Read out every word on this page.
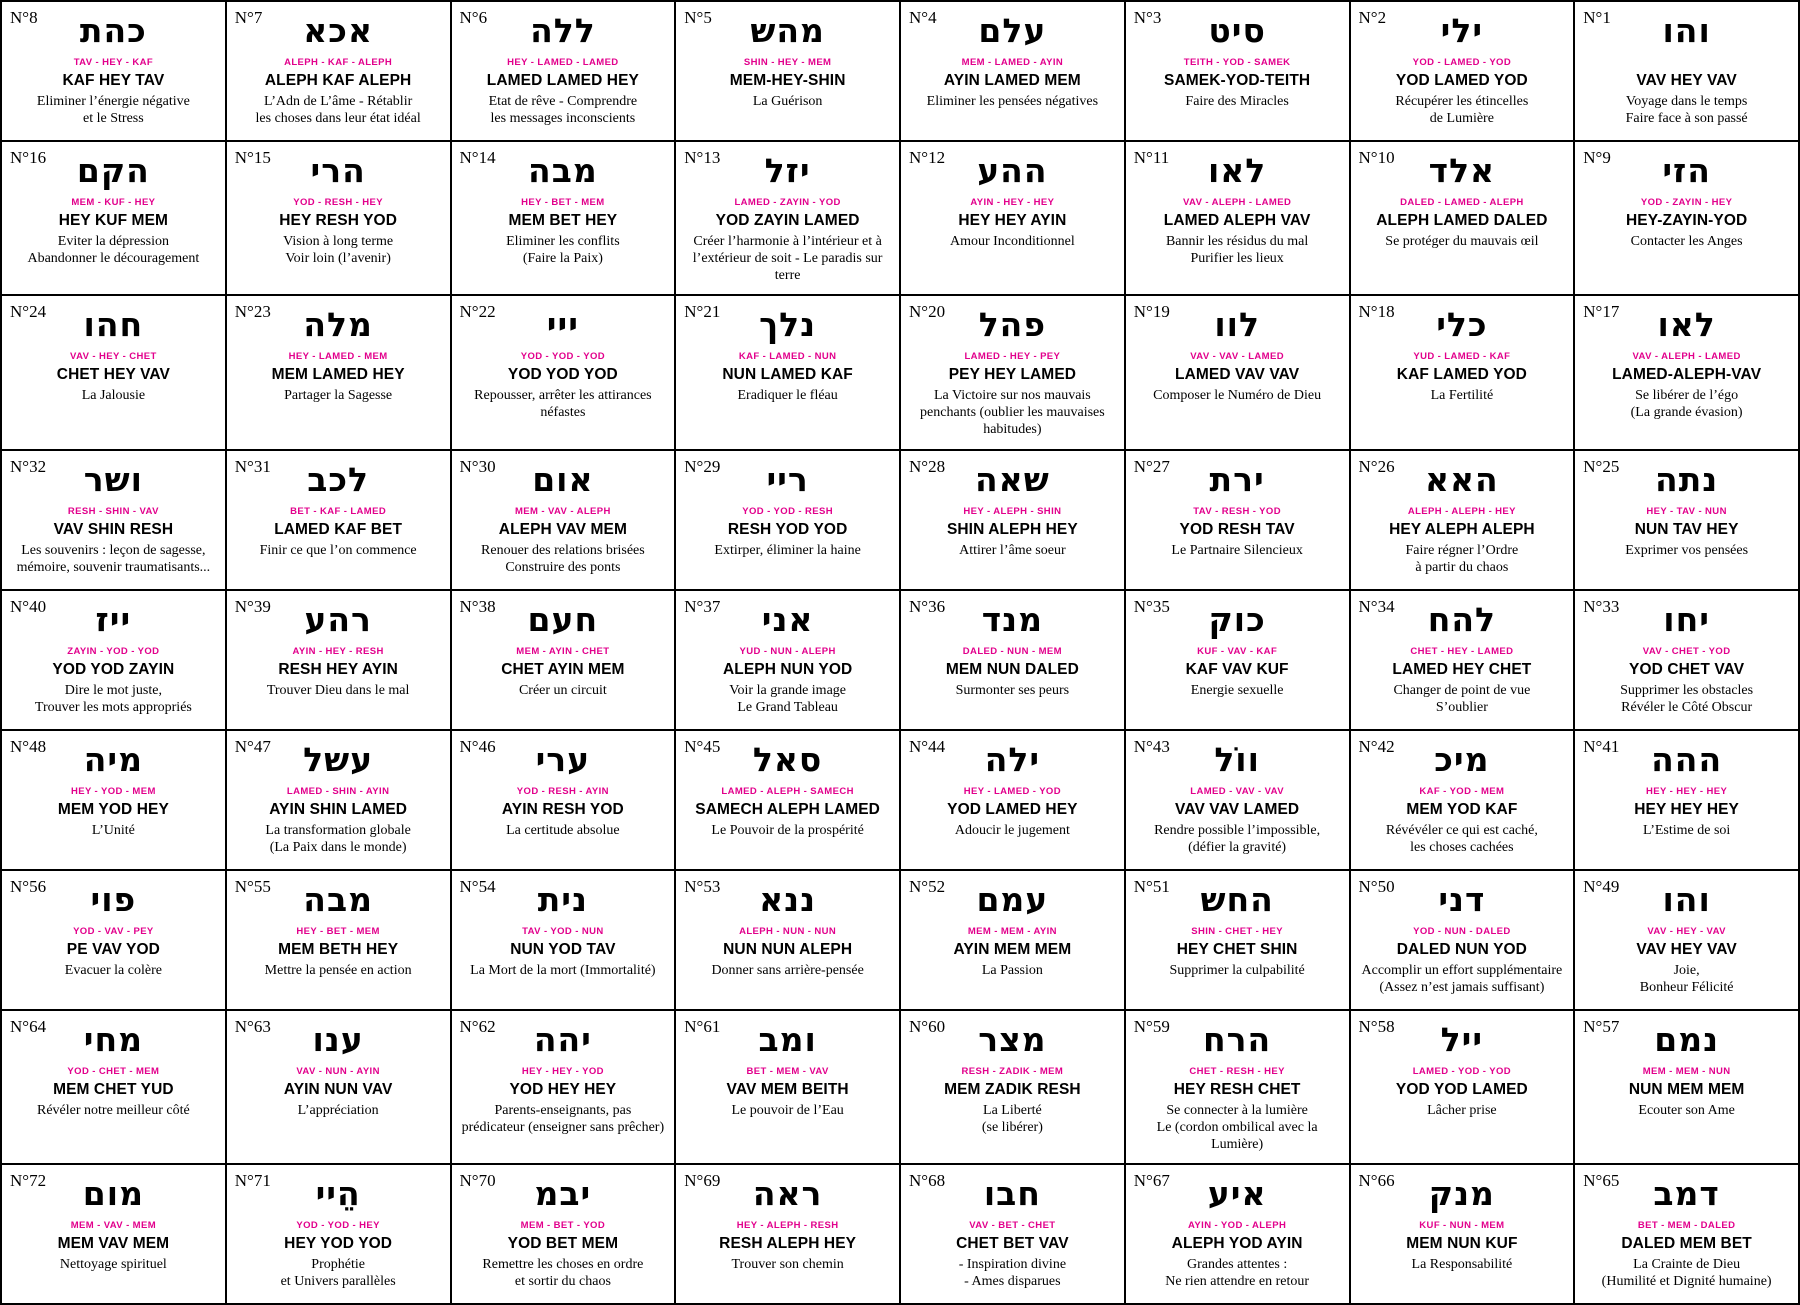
N°8	כהת
TAV - HEY - KAF
KAF HEY TAV
Eliminer l’énergie négative
et le Stress
N°7	אכא
ALEPH - KAF - ALEPH
ALEPH KAF ALEPH
L’Adn de L’âme - Rétablir
les choses dans leur état idéal
N°6	ללה
HEY - LAMED - LAMED
LAMED LAMED HEY
Etat de rêve - Comprendre
les messages inconscients
N°5	מהש
SHIN - HEY - MEM
MEM-HEY-SHIN
La Guérison
N°4	עלם
MEM - LAMED - AYIN
AYIN LAMED MEM
Eliminer les pensées négatives
N°3	סיט
TEITH - YOD - SAMEK
SAMEK-YOD-TEITH
Faire des Miracles
N°2	ילי
YOD - LAMED - YOD
YOD LAMED YOD
Récupérer les étincelles
de Lumière
N°1	והו
VAV HEY VAV
Voyage dans le temps
Faire face à son passé
N°16 הקם
MEM - KUF - HEY
HEY KUF MEM
Eviter la dépression
Abandonner le découragement
N°15	הרי
YOD - RESH - HEY
HEY RESH YOD
Vision à long terme
Voir loin (l’avenir)
N°14 מבה
HEY - BET - MEM
MEM BET HEY
Eliminer les conflits
(Faire la Paix)
N°13	יזל
LAMED - ZAYIN - YOD
YOD ZAYIN LAMED
Créer l’harmonie à l’intérieur et à l’extérieur de soit - Le paradis sur terre
N°12 ההע
AYIN - HEY - HEY
HEY HEY AYIN
Amour Inconditionnel
N°11	לאו
VAV - ALEPH - LAMED
LAMED ALEPH VAV
Bannir les résidus du mal
Purifier les lieux
N°10	אלד
DALED - LAMED - ALEPH
ALEPH LAMED DALED
Se protéger du mauvais œil
N°9	הזי
YOD - ZAYIN - HEY
HEY-ZAYIN-YOD
Contacter les Anges
N°24	חהו
VAV - HEY - CHET
CHET HEY VAV
La Jalousie
N°23 מלה
HEY - LAMED - MEM
MEM LAMED HEY
Partager la Sagesse
N°22	ייי
YOD - YOD - YOD
YOD YOD YOD
Repousser, arrêter les attirances néfastes
N°21	נלך
KAF - LAMED - NUN
NUN LAMED KAF
Eradiquer le fléau
N°20	פהל
LAMED - HEY - PEY
PEY HEY LAMED
La Victoire sur nos mauvais penchants (oublier les mauvaises habitudes)
N°19	לוו
VAV - VAV - LAMED
LAMED VAV VAV
Composer le Numéro de Dieu
N°18	כלי
YUD - LAMED - KAF
KAF LAMED YOD
La Fertilité
N°17	לאו
VAV - ALEPH - LAMED
LAMED-ALEPH-VAV
Se libérer de l’égo
(La grande évasion)
N°32	ושר
RESH - SHIN - VAV
VAV SHIN RESH
Les souvenirs : leçon de sagesse, mémoire, souvenir traumatisants...
N°31	לכב
BET - KAF - LAMED
LAMED KAF BET
Finir ce que l’on commence
N°30	אום
MEM - VAV - ALEPH
ALEPH VAV MEM
Renouer des relations brisées
Construire des ponts
N°29	ריי
YOD - YOD - RESH
RESH YOD YOD
Extirper, éliminer la haine
N°28 שאה
HEY - ALEPH - SHIN
SHIN ALEPH HEY
Attirer l’âme soeur
N°27	ירת
TAV - RESH - YOD
YOD RESH TAV
Le Partnaire Silencieux
N°26 האא
ALEPH - ALEPH - HEY
HEY ALEPH ALEPH
Faire régner l’Ordre
à partir du chaos
N°25	נתה
HEY - TAV - NUN
NUN TAV HEY
Exprimer vos pensées
N°40	ייז
ZAYIN - YOD - YOD
YOD YOD ZAYIN
Dire le mot juste,
Trouver les mots appropriés
N°39	רהע
AYIN - HEY - RESH
RESH HEY AYIN
Trouver Dieu dans le mal
N°38 חעם
MEM - AYIN - CHET
CHET AYIN MEM
Créer un circuit
N°37	אני
YUD - NUN - ALEPH
ALEPH NUN YOD
Voir la grande image
Le Grand Tableau
N°36	מנד
DALED - NUN - MEM
MEM NUN DALED
Surmonter ses peurs
N°35	כוק
KUF - VAV - KAF
KAF VAV KUF
Energie sexuelle
N°34	להח
CHET - HEY - LAMED
LAMED HEY CHET
Changer de point de vue
S’oublier
N°33	יחו
VAV - CHET - YOD
YOD CHET VAV
Supprimer les obstacles
Révéler le Côté Obscur
N°48	מיה
HEY - YOD - MEM
MEM YOD HEY
L’Unité
N°47 עשל
LAMED - SHIN - AYIN
AYIN SHIN LAMED
La transformation globale
(La Paix dans le monde)
N°46	ערי
YOD - RESH - AYIN
AYIN RESH YOD
La certitude absolue
N°45 סאל
LAMED - ALEPH - SAMECH
SAMECH ALEPH LAMED
Le Pouvoir de la prospérité
N°44	ילה
HEY - LAMED - YOD
YOD LAMED HEY
Adoucir le jugement
N°43	ווֹל
LAMED - VAV - VAV
VAV VAV LAMED
Rendre possible l’impossible,
(défier la gravité)
N°42	מיכ
KAF - YOD - MEM
MEM YOD KAF
Révévéler ce qui est caché,
les choses cachées
N°41 ההה
HEY - HEY - HEY
HEY HEY HEY
L’Estime de soi
N°56	פוי
YOD - VAV - PEY
PE VAV YOD
Evacuer la colère
N°55 מבה
HEY - BET - MEM
MEM BETH HEY
Mettre la pensée en action
N°54	נית
TAV - YOD - NUN
NUN YOD TAV
La Mort de la mort (Immortalité)
N°53	ננא
ALEPH - NUN - NUN
NUN NUN ALEPH
Donner sans arrière-pensée
N°52 עמם
MEM - MEM - AYIN
AYIN MEM MEM
La Passion
N°51 החש
SHIN - CHET - HEY
HEY CHET SHIN
Supprimer la culpabilité
N°50	דני
YOD - NUN - DALED
DALED NUN YOD
Accomplir un effort supplémentaire
(Assez n’est jamais suffisant)
N°49	והו
VAV - HEY - VAV
VAV HEY VAV
Joie,
Bonheur Félicité
N°64	מחי
YOD - CHET - MEM
MEM CHET YUD
Révéler notre meilleur côté
N°63	ענו
VAV - NUN - AYIN
AYIN NUN VAV
L’appréciation
N°62	יהה
HEY - HEY - YOD
YOD HEY HEY
Parents-enseignants, pas prédicateur (enseigner sans prêcher)
N°61	ומב
BET - MEM - VAV
VAV MEM BEITH
Le pouvoir de l’Eau
N°60	מצר
RESH - ZADIK - MEM
MEM ZADIK RESH
La Liberté
(se libérer)
N°59	הרח
CHET - RESH - HEY
HEY RESH CHET
Se connecter à la lumière
Le (cordon ombilical avec la Lumière)
N°58	ייל
LAMED - YOD - YOD
YOD YOD LAMED
Lâcher prise
N°57	נמם
MEM - MEM - NUN
NUN MEM MEM
Ecouter son Ame
N°72	מום
MEM - VAV - MEM
MEM VAV MEM
Nettoyage spirituel
N°71	הֵיי
YOD - YOD - HEY
HEY YOD YOD
Prophétie
et Univers parallèles
N°70	יבמ
MEM - BET - YOD
YOD BET MEM
Remettre les choses en ordre
et sortir du chaos
N°69 ראה
HEY - ALEPH - RESH
RESH ALEPH HEY
Trouver son chemin
N°68	חבו
VAV - BET - CHET
CHET BET VAV
- Inspiration divine
- Ames disparues
N°67	איע
AYIN - YOD - ALEPH
ALEPH YOD AYIN
Grandes attentes :
Ne rien attendre en retour
N°66	מנק
KUF - NUN - MEM
MEM NUN KUF
La Responsabilité
N°65	דמב
BET - MEM - DALED
DALED MEM BET
La Crainte de Dieu
(Humilité et Dignité humaine)
